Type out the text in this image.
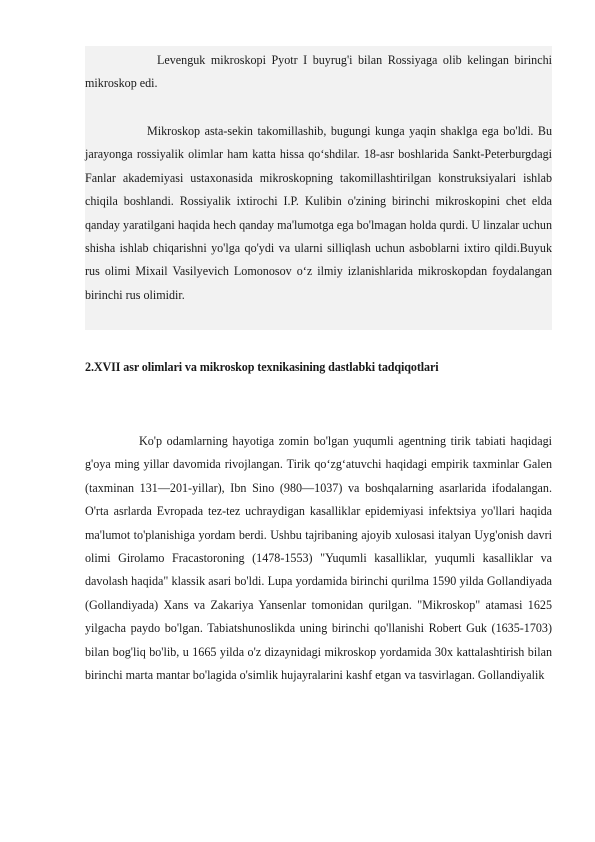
Levenguk mikroskopi Pyotr I buyrug'i bilan Rossiyaga olib kelingan birinchi mikroskop edi.

Mikroskop asta-sekin takomillashib, bugungi kunga yaqin shaklga ega bo'ldi. Bu jarayonga rossiyalik olimlar ham katta hissa qo‘shdilar. 18-asr boshlarida Sankt-Peterburgdagi Fanlar akademiyasi ustaxonasida mikroskopning takomillashtirilgan konstruksiyalari ishlab chiqila boshlandi. Rossiyalik ixtirochi I.P. Kulibin o'zining birinchi mikroskopini chet elda qanday yaratilgani haqida hech qanday ma'lumotga ega bo'lmagan holda qurdi. U linzalar uchun shisha ishlab chiqarishni yo'lga qo'ydi va ularni silliqlash uchun asboblarni ixtiro qildi.Buyuk rus olimi Mixail Vasilyevich Lomonosov o‘z ilmiy izlanishlarida mikroskopdan foydalangan birinchi rus olimidir.

2.XVII asr olimlari va mikroskop texnikasining dastlabki tadqiqotlari

Ko'p odamlarning hayotiga zomin bo'lgan yuqumli agentning tirik tabiati haqidagi g'oya ming yillar davomida rivojlangan. Tirik qo‘zg‘atuvchi haqidagi empirik taxminlar Galen (taxminan 131—201-yillar), Ibn Sino (980—1037) va boshqalarning asarlarida ifodalangan. O'rta asrlarda Evropada tez-tez uchraydigan kasalliklar epidemiyasi infektsiya yo'llari haqida ma'lumot to'planishiga yordam berdi. Ushbu tajribaning ajoyib xulosasi italyan Uyg'onish davri olimi Girolamo Fracastoroning (1478-1553) "Yuqumli kasalliklar, yuqumli kasalliklar va davolash haqida" klassik asari bo'ldi. Lupa yordamida birinchi qurilma 1590 yilda Gollandiyada (Gollandiyada) Xans va Zakariya Yansenlar tomonidan qurilgan. "Mikroskop" atamasi 1625 yilgacha paydo bo'lgan. Tabiatshunoslikda uning birinchi qo'llanishi Robert Guk (1635-1703) bilan bog'liq bo'lib, u 1665 yilda o'z dizaynidagi mikroskop yordamida 30x kattalashtirish bilan birinchi marta mantar bo'lagida o'simlik hujayralarini kashf etgan va tasvirlagan. Gollandiyalik
